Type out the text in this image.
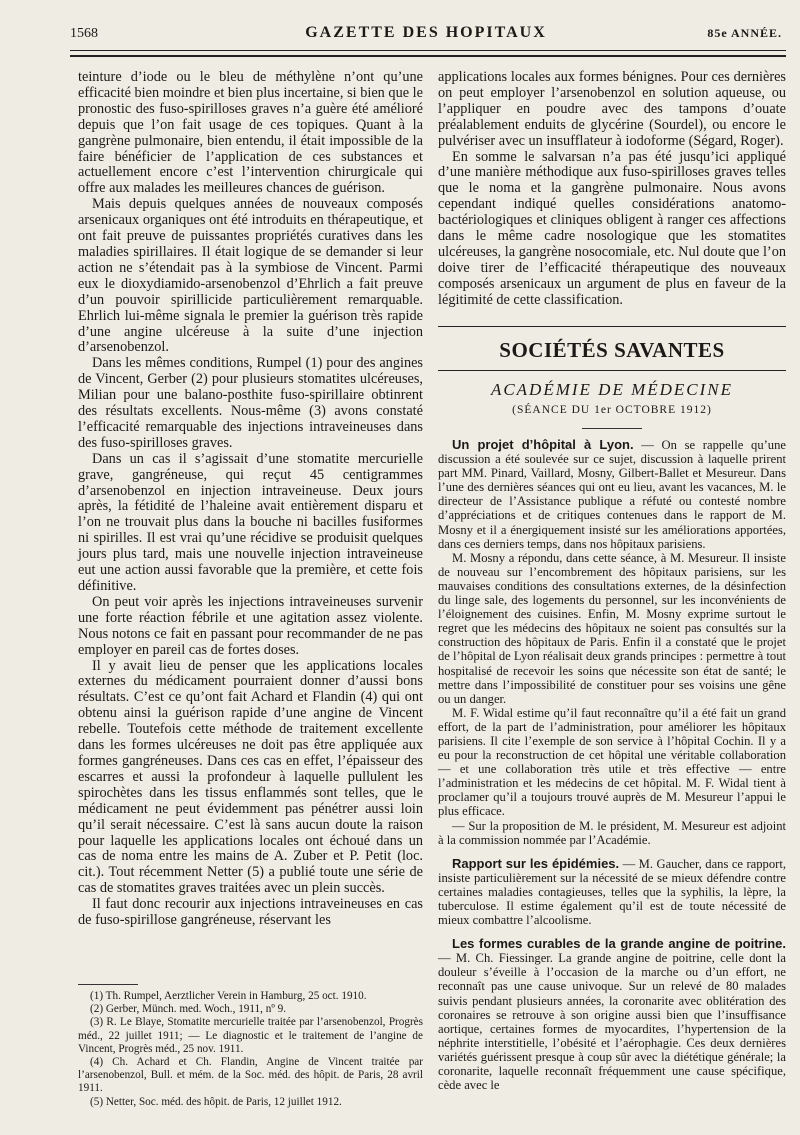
1568	GAZETTE DES HOPITAUX	85e ANNÉE.

teinture d’iode ou le bleu de méthylène n’ont qu’une efficacité bien moindre et bien plus incertaine, si bien que le pronostic des fuso-spirilloses graves n’a guère été amélioré depuis que l’on fait usage de ces topiques. Quant à la gangrène pulmonaire, bien entendu, il était impossible de la faire bénéficier de l’application de ces substances et actuellement encore c’est l’intervention chirurgicale qui offre aux malades les meilleures chances de guérison.

Mais depuis quelques années de nouveaux composés arsenicaux organiques ont été introduits en thérapeutique, et ont fait preuve de puissantes propriétés curatives dans les maladies spirillaires. Il était logique de se demander si leur action ne s’étendait pas à la symbiose de Vincent. Parmi eux le dioxydiamido-arsenobenzol d’Ehrlich a fait preuve d’un pouvoir spirillicide particulièrement remarquable. Ehrlich lui-même signala le premier la guérison très rapide d’une angine ulcéreuse à la suite d’une injection d’arsenobenzol.

Dans les mêmes conditions, Rumpel (1) pour des angines de Vincent, Gerber (2) pour plusieurs stomatites ulcéreuses, Milian pour une balano-posthite fuso-spirillaire obtinrent des résultats excellents. Nous-même (3) avons constaté l’efficacité remarquable des injections intraveineuses dans des fuso-spirilloses graves.

Dans un cas il s’agissait d’une stomatite mercurielle grave, gangréneuse, qui reçut 45 centigrammes d’arsenobenzol en injection intraveineuse. Deux jours après, la fétidité de l’haleine avait entièrement disparu et l’on ne trouvait plus dans la bouche ni bacilles fusiformes ni spirilles. Il est vrai qu’une récidive se produisit quelques jours plus tard, mais une nouvelle injection intraveineuse eut une action aussi favorable que la première, et cette fois définitive.

On peut voir après les injections intraveineuses survenir une forte réaction fébrile et une agitation assez violente. Nous notons ce fait en passant pour recommander de ne pas employer en pareil cas de fortes doses.

Il y avait lieu de penser que les applications locales externes du médicament pourraient donner d’aussi bons résultats. C’est ce qu’ont fait Achard et Flandin (4) qui ont obtenu ainsi la guérison rapide d’une angine de Vincent rebelle. Toutefois cette méthode de traitement excellente dans les formes ulcéreuses ne doit pas être appliquée aux formes gangréneuses. Dans ces cas en effet, l’épaisseur des escarres et aussi la profondeur à laquelle pullulent les spirochètes dans les tissus enflammés sont telles, que le médicament ne peut évidemment pas pénétrer aussi loin qu’il serait nécessaire. C’est là sans aucun doute la raison pour laquelle les applications locales ont échoué dans un cas de noma entre les mains de A. Zuber et P. Petit (loc. cit.). Tout récemment Netter (5) a publié toute une série de cas de stomatites graves traitées avec un plein succès.

Il faut donc recourir aux injections intraveineuses en cas de fuso-spirillose gangréneuse, réservant les

(1) Th. Rumpel, Aerztlicher Verein in Hamburg, 25 oct. 1910.

(2) Gerber, Münch. med. Woch., 1911, nº 9.

(3) R. Le Blaye, Stomatite mercurielle traitée par l’arsenobenzol, Progrès méd., 22 juillet 1911; — Le diagnostic et le traitement de l’angine de Vincent, Progrès méd., 25 nov. 1911.

(4) Ch. Achard et Ch. Flandin, Angine de Vincent traitée par l’arsenobenzol, Bull. et mém. de la Soc. méd. des hôpit. de Paris, 28 avril 1911.

(5) Netter, Soc. méd. des hôpit. de Paris, 12 juillet 1912.

applications locales aux formes bénignes. Pour ces dernières on peut employer l’arsenobenzol en solution aqueuse, ou l’appliquer en poudre avec des tampons d’ouate préalablement enduits de glycérine (Sourdel), ou encore le pulvériser avec un insufflateur à iodoforme (Ségard, Roger).

En somme le salvarsan n’a pas été jusqu’ici appliqué d’une manière méthodique aux fuso-spirilloses graves telles que le noma et la gangrène pulmonaire. Nous avons cependant indiqué quelles considérations anatomo-bactériologiques et cliniques obligent à ranger ces affections dans le même cadre nosologique que les stomatites ulcéreuses, la gangrène nosocomiale, etc. Nul doute que l’on doive tirer de l’efficacité thérapeutique des nouveaux composés arsenicaux un argument de plus en faveur de la légitimité de cette classification.

SOCIÉTÉS SAVANTES
ACADÉMIE DE MÉDECINE
(SÉANCE DU 1er OCTOBRE 1912)

Un projet d’hôpital à Lyon. — On se rappelle qu’une discussion a été soulevée sur ce sujet, discussion à laquelle prirent part MM. Pinard, Vaillard, Mosny, Gilbert-Ballet et Mesureur. Dans l’une des dernières séances qui ont eu lieu, avant les vacances, M. le directeur de l’Assistance publique a réfuté ou contesté nombre d’appréciations et de critiques contenues dans le rapport de M. Mosny et il a énergiquement insisté sur les améliorations apportées, dans ces derniers temps, dans nos hôpitaux parisiens.

M. Mosny a répondu, dans cette séance, à M. Mesureur. Il insiste de nouveau sur l’encombrement des hôpitaux parisiens, sur les mauvaises conditions des consultations externes, de la désinfection du linge sale, des logements du personnel, sur les inconvénients de l’éloignement des cuisines. Enfin, M. Mosny exprime surtout le regret que les médecins des hôpitaux ne soient pas consultés sur la construction des hôpitaux de Paris. Enfin il a constaté que le projet de l’hôpital de Lyon réalisait deux grands principes : permettre à tout hospitalisé de recevoir les soins que nécessite son état de santé; le mettre dans l’impossibilité de constituer pour ses voisins une gêne ou un danger.

M. F. Widal estime qu’il faut reconnaître qu’il a été fait un grand effort, de la part de l’administration, pour améliorer les hôpitaux parisiens. Il cite l’exemple de son service à l’hôpital Cochin. Il y a eu pour la reconstruction de cet hôpital une véritable collaboration — et une collaboration très utile et très effective — entre l’administration et les médecins de cet hôpital. M. F. Widal tient à proclamer qu’il a toujours trouvé auprès de M. Mesureur l’appui le plus efficace.

— Sur la proposition de M. le président, M. Mesureur est adjoint à la commission nommée par l’Académie.

Rapport sur les épidémies. — M. Gaucher, dans ce rapport, insiste particulièrement sur la nécessité de se mieux défendre contre certaines maladies contagieuses, telles que la syphilis, la lèpre, la tuberculose. Il estime également qu’il est de toute nécessité de mieux combattre l’alcoolisme.

Les formes curables de la grande angine de poitrine. — M. Ch. Fiessinger. La grande angine de poitrine, celle dont la douleur s’éveille à l’occasion de la marche ou d’un effort, ne reconnaît pas une cause univoque. Sur un relevé de 80 malades suivis pendant plusieurs années, la coronarite avec oblitération des coronaires se retrouve à son origine aussi bien que l’insuffisance aortique, certaines formes de myocardites, l’hypertension de la néphrite interstitielle, l’obésité et l’aérophagie. Ces deux dernières variétés guérissent presque à coup sûr avec la diététique générale; la coronarite, laquelle reconnaît fréquemment une cause spécifique, cède avec le
